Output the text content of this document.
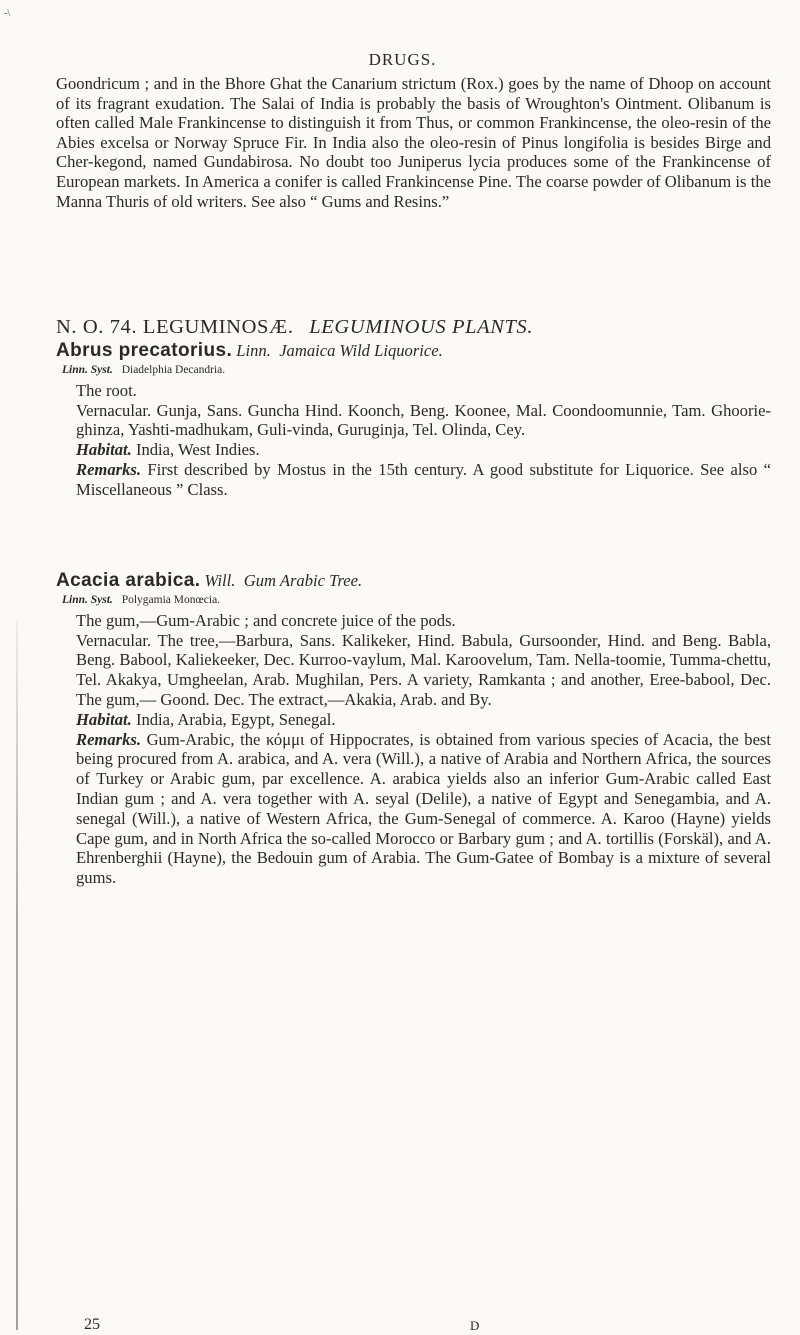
-\
DRUGS.

Goondricum ; and in the Bhore Ghat the Canarium strictum (Rox.) goes by the name of Dhoop on account of its fragrant exudation. The Salai of India is probably the basis of Wroughton's Ointment. Olibanum is often called Male Frankincense to distinguish it from Thus, or common Frankincense, the oleo-resin of the Abies excelsa or Norway Spruce Fir. In India also the oleo-resin of Pinus longifolia is besides Birge and Cher-kegond, named Gundabirosa. No doubt too Juniperus lycia produces some of the Frankincense of European markets. In America a conifer is called Frankincense Pine. The coarse powder of Olibanum is the Manna Thuris of old writers. See also “ Gums and Resins.”

N. O. 74. LEGUMINOSÆ. LEGUMINOUS PLANTS.
Abrus precatorius. Linn. Jamaica Wild Liquorice.
Linn. Syst. Diadelphia Decandria.

The root.

Vernacular. Gunja, Sans. Guncha Hind. Koonch, Beng. Koonee, Mal. Coondoomunnie, Tam. Ghoorie-ghinza, Yashti-madhukam, Guli-vinda, Guruginja, Tel. Olinda, Cey.

Habitat. India, West Indies.

Remarks. First described by Mostus in the 15th century. A good substitute for Liquorice. See also “ Miscellaneous ” Class.

Acacia arabica. Will. Gum Arabic Tree.
Linn. Syst. Polygamia Monœcia.

The gum,—Gum-Arabic ; and concrete juice of the pods.

Vernacular. The tree,—Barbura, Sans. Kalikeker, Hind. Babula, Gursoonder, Hind. and Beng. Babla, Beng. Babool, Kaliekeeker, Dec. Kurroo-vaylum, Mal. Karoovelum, Tam. Nella-toomie, Tumma-chettu, Tel. Akakya, Umgheelan, Arab. Mughilan, Pers. A variety, Ramkanta ; and another, Eree-babool, Dec. The gum,— Goond. Dec. The extract,—Akakia, Arab. and By.

Habitat. India, Arabia, Egypt, Senegal.

Remarks. Gum-Arabic, the κόμμι of Hippocrates, is obtained from various species of Acacia, the best being procured from A. arabica, and A. vera (Will.), a native of Arabia and Northern Africa, the sources of Turkey or Arabic gum, par excellence. A. arabica yields also an inferior Gum-Arabic called East Indian gum ; and A. vera together with A. seyal (Delile), a native of Egypt and Senegambia, and A. senegal (Will.), a native of Western Africa, the Gum-Senegal of commerce. A. Karoo (Hayne) yields Cape gum, and in North Africa the so-called Morocco or Barbary gum ; and A. tortillis (Forskäl), and A. Ehrenberghii (Hayne), the Bedouin gum of Arabia. The Gum-Gatee of Bombay is a mixture of several gums.

25	D
